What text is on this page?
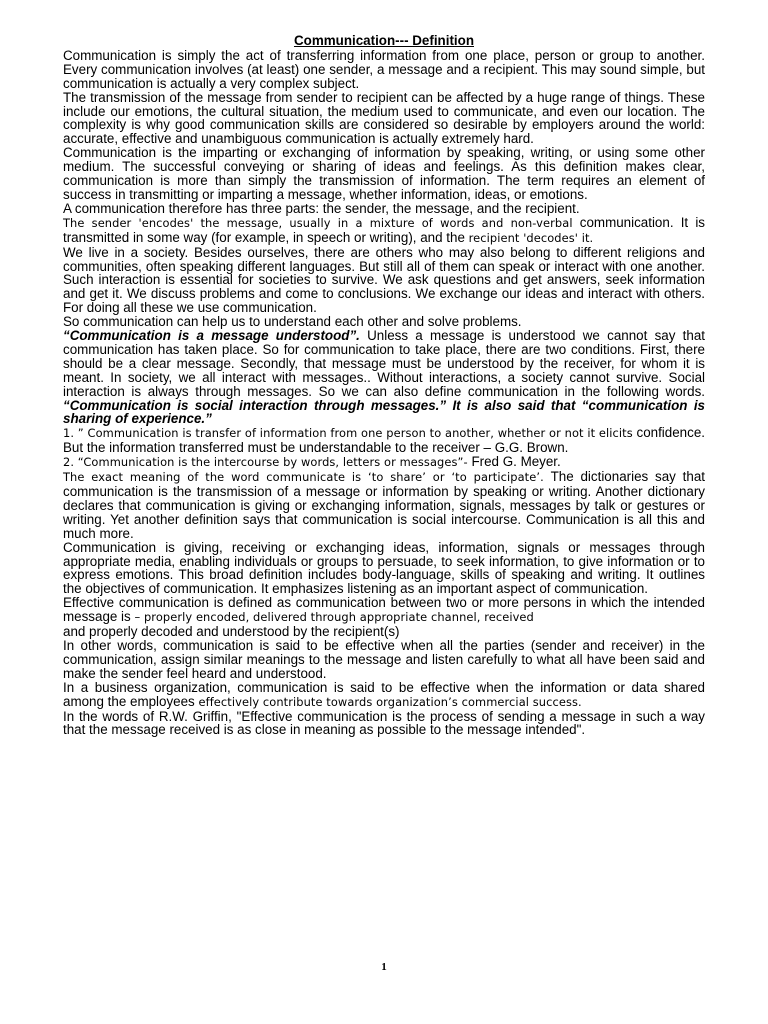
Communication--- Definition

Communication is simply the act of transferring information from one place, person or group to another. Every communication involves (at least) one sender, a message and a recipient. This may sound simple, but communication is actually a very complex subject.

The transmission of the message from sender to recipient can be affected by a huge range of things. These include our emotions, the cultural situation, the medium used to communicate, and even our location. The complexity is why good communication skills are considered so desirable by employers around the world: accurate, effective and unambiguous communication is actually extremely hard.

Communication is the imparting or exchanging of information by speaking, writing, or using some other medium. The successful conveying or sharing of ideas and feelings. As this definition makes clear, communication is more than simply the transmission of information. The term requires an element of success in transmitting or imparting a message, whether information, ideas, or emotions.

A communication therefore has three parts: the sender, the message, and the recipient.

The sender 'encodes' the message, usually in a mixture of words and non-verbal communication. It is transmitted in some way (for example, in speech or writing), and the recipient 'decodes' it.

We live in a society. Besides ourselves, there are others who may also belong to different religions and communities, often speaking different languages. But still all of them can speak or interact with one another. Such interaction is essential for societies to survive. We ask questions and get answers, seek information and get it. We discuss problems and come to conclusions. We exchange our ideas and interact with others. For doing all these we use communication.

So communication can help us to understand each other and solve problems.

“Communication is a message understood”. Unless a message is understood we cannot say that communication has taken place. So for communication to take place, there are two conditions. First, there should be a clear message. Secondly, that message must be understood by the receiver, for whom it is meant. In society, we all interact with messages.. Without interactions, a society cannot survive. Social interaction is always through messages. So we can also define communication in the following words. “Communication is social interaction through messages.” It is also said that “communication is sharing of experience.”

1. ” Communication is transfer of information from one person to another, whether or not it elicits confidence. But the information transferred must be understandable to the receiver – G.G. Brown.

2. “Communication is the intercourse by words, letters or messages”- Fred G. Meyer.

The exact meaning of the word communicate is ‘to share’ or ‘to participate’. The dictionaries say that communication is the transmission of a message or information by speaking or writing. Another dictionary declares that communication is giving or exchanging information, signals, messages by talk or gestures or writing. Yet another definition says that communication is social intercourse. Communication is all this and much more.

Communication is giving, receiving or exchanging ideas, information, signals or messages through appropriate media, enabling individuals or groups to persuade, to seek information, to give information or to express emotions. This broad definition includes body-language, skills of speaking and writing. It outlines the objectives of communication. It emphasizes listening as an important aspect of communication.

Effective communication is defined as communication between two or more persons in which the intended message is – properly encoded, delivered through appropriate channel, received
and properly decoded and understood by the recipient(s)

In other words, communication is said to be effective when all the parties (sender and receiver) in the communication, assign similar meanings to the message and listen carefully to what all have been said and make the sender feel heard and understood.

In a business organization, communication is said to be effective when the information or data shared among the employees effectively contribute towards organization’s commercial success.

In the words of R.W. Griffin, "Effective communication is the process of sending a message in such a way that the message received is as close in meaning as possible to the message intended".

1
